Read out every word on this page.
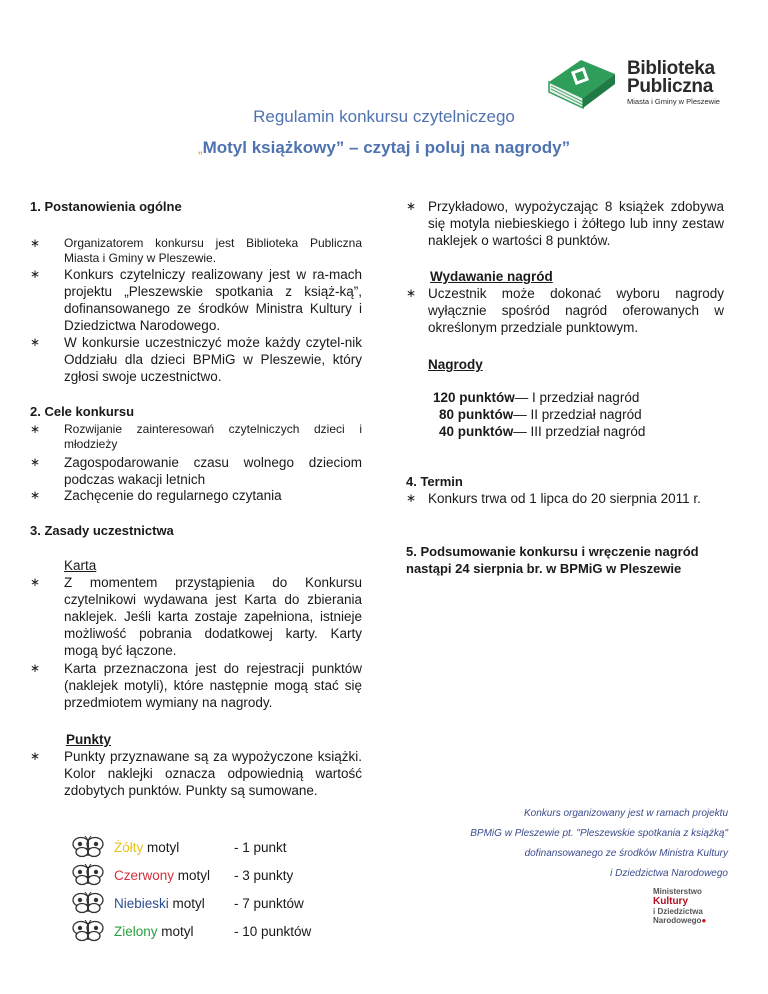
Biblioteka
Publiczna
Miasta i Gminy w Pleszewie
Regulamin konkursu czytelniczego
„Motyl książkowy” – czytaj i poluj na nagrody”
1. Postanowienia ogólne
∗ Organizatorem konkursu jest Biblioteka Publiczna Miasta i Gminy w Pleszewie.
∗ Konkurs czytelniczy realizowany jest w ra-mach projektu „Pleszewskie spotkania z książ-ką”, dofinansowanego ze środków Ministra Kultury i Dziedzictwa Narodowego.
∗ W konkursie uczestniczyć może każdy czytel-nik Oddziału dla dzieci BPMiG w Pleszewie, który zgłosi swoje uczestnictwo.
2. Cele konkursu
∗ Rozwijanie zainteresowań czytelniczych dzieci i młodzieży
∗ Zagospodarowanie czasu wolnego dzieciom podczas wakacji letnich
∗ Zachęcenie do regularnego czytania
3. Zasady uczestnictwa
Karta
∗ Z momentem przystąpienia do Konkursu czytelnikowi wydawana jest Karta do zbierania naklejek. Jeśli karta zostaje zapełniona, istnieje możliwość pobrania dodatkowej karty. Karty mogą być łączone.
∗ Karta przeznaczona jest do rejestracji punktów (naklejek motyli), które następnie mogą stać się przedmiotem wymiany na nagrody.
Punkty
∗ Punkty przyznawane są za wypożyczone książki. Kolor naklejki oznacza odpowiednią wartość zdobytych punktów. Punkty są sumowane.
Żółty motyl	- 1 punkt
Czerwony motyl	- 3 punkty
Niebieski motyl	- 7 punktów
Zielony motyl	- 10 punktów
∗ Przykładowo, wypożyczając 8 książek zdobywa się motyla niebieskiego i żółtego lub inny zestaw naklejek o wartości 8 punktów.
Wydawanie nagród
∗ Uczestnik może dokonać wyboru nagrody wyłącznie spośród nagród oferowanych w określonym przedziale punktowym.
Nagrody
120 punktów— I przedział nagród
80 punktów— II przedział nagród
40 punktów— III przedział nagród
4. Termin
∗ Konkurs trwa od 1 lipca do 20 sierpnia 2011 r.
5. Podsumowanie konkursu i wręczenie nagród
nastąpi 24 sierpnia br. w BPMiG w Pleszewie
Konkurs organizowany jest w ramach projektu
BPMiG w Pleszewie pt. "Pleszewskie spotkania z książką"
dofinansowanego ze środków Ministra Kultury
i Dziedzictwa Narodowego
Ministerstwo
Kultury
i Dziedzictwa
Narodowego●
